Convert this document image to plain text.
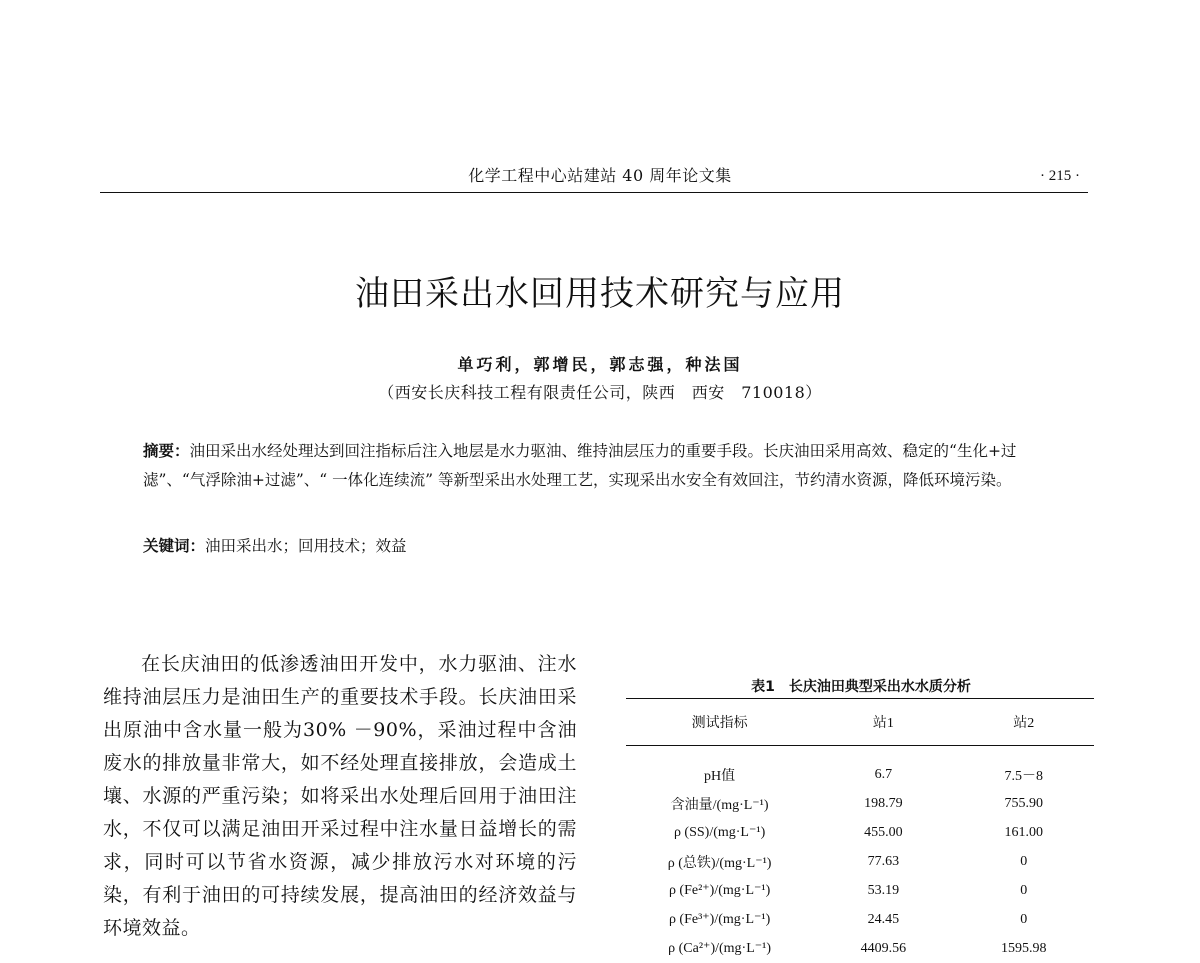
化学工程中心站建站 40 周年论文集	· 215 ·
油田采出水回用技术研究与应用
单巧利，郭增民，郭志强，种法国
（西安长庆科技工程有限责任公司，陕西　西安　710018）
摘要：油田采出水经处理达到回注指标后注入地层是水力驱油、维持油层压力的重要手段。长庆油田采用高效、稳定的“生化+过滤”、“气浮除油+过滤”、“ 一体化连续流” 等新型采出水处理工艺，实现采出水安全有效回注，节约清水资源，降低环境污染。
关键词：油田采出水；回用技术；效益
在长庆油田的低渗透油田开发中，水力驱油、注水维持油层压力是油田生产的重要技术手段。长庆油田采出原油中含水量一般为30% －90%，采油过程中含油废水的排放量非常大，如不经处理直接排放，会造成土壤、水源的严重污染；如将采出水处理后回用于油田注水，不仅可以满足油田开采过程中注水量日益增长的需求，同时可以节省水资源，减少排放污水对环境的污染，有利于油田的可持续发展，提高油田的经济效益与环境效益。
表1　长庆油田典型采出水水质分析
测试指标	站1	站2
pH值	6.7	7.5－8
含油量/(mg·L⁻¹)	198.79	755.90
ρ (SS)/(mg·L⁻¹)	455.00	161.00
ρ (总铁)/(mg·L⁻¹)	77.63	0
ρ (Fe²⁺)/(mg·L⁻¹)	53.19	0
ρ (Fe³⁺)/(mg·L⁻¹)	24.45	0
ρ (Ca²⁺)/(mg·L⁻¹)	4409.56	1595.98
